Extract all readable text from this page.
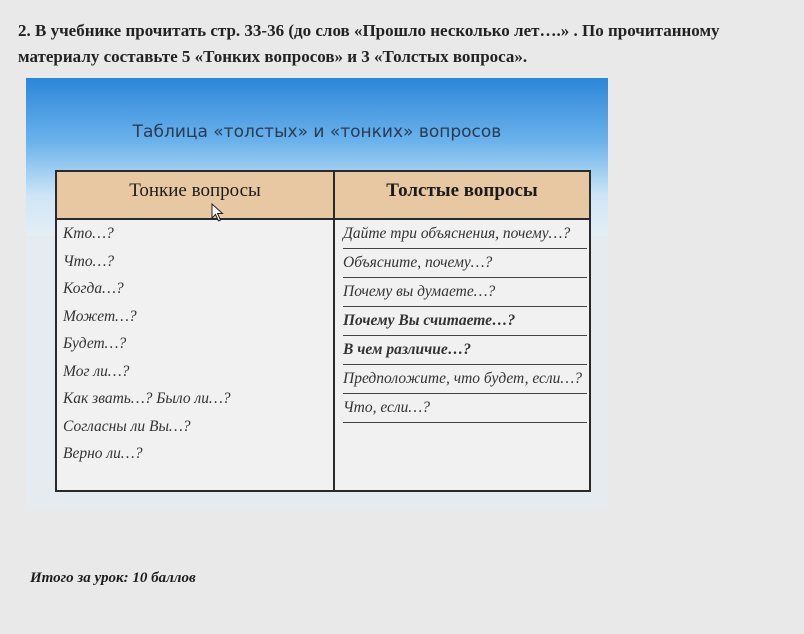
2. В учебнике прочитать стр. 33-36 (до слов «Прошло несколько лет….» . По прочитанному материалу составьте 5 «Тонких вопросов» и 3 «Толстых вопроса».
Таблица «толстых» и «тонких» вопросов
Тонкие вопросы	Толстые вопросы
Кто…?
Что…?
Когда…?
Может…?
Будет…?
Мог ли…?
Как звать…? Было ли…?
Согласны ли Вы…?
Верно ли…?
Дайте три объяснения, почему…?
Объясните, почему…?
Почему вы думаете…?
Почему Вы считаете…?
В чем различие…?
Предположите, что будет, если…?
Что, если…?
Итого за урок: 10 баллов
